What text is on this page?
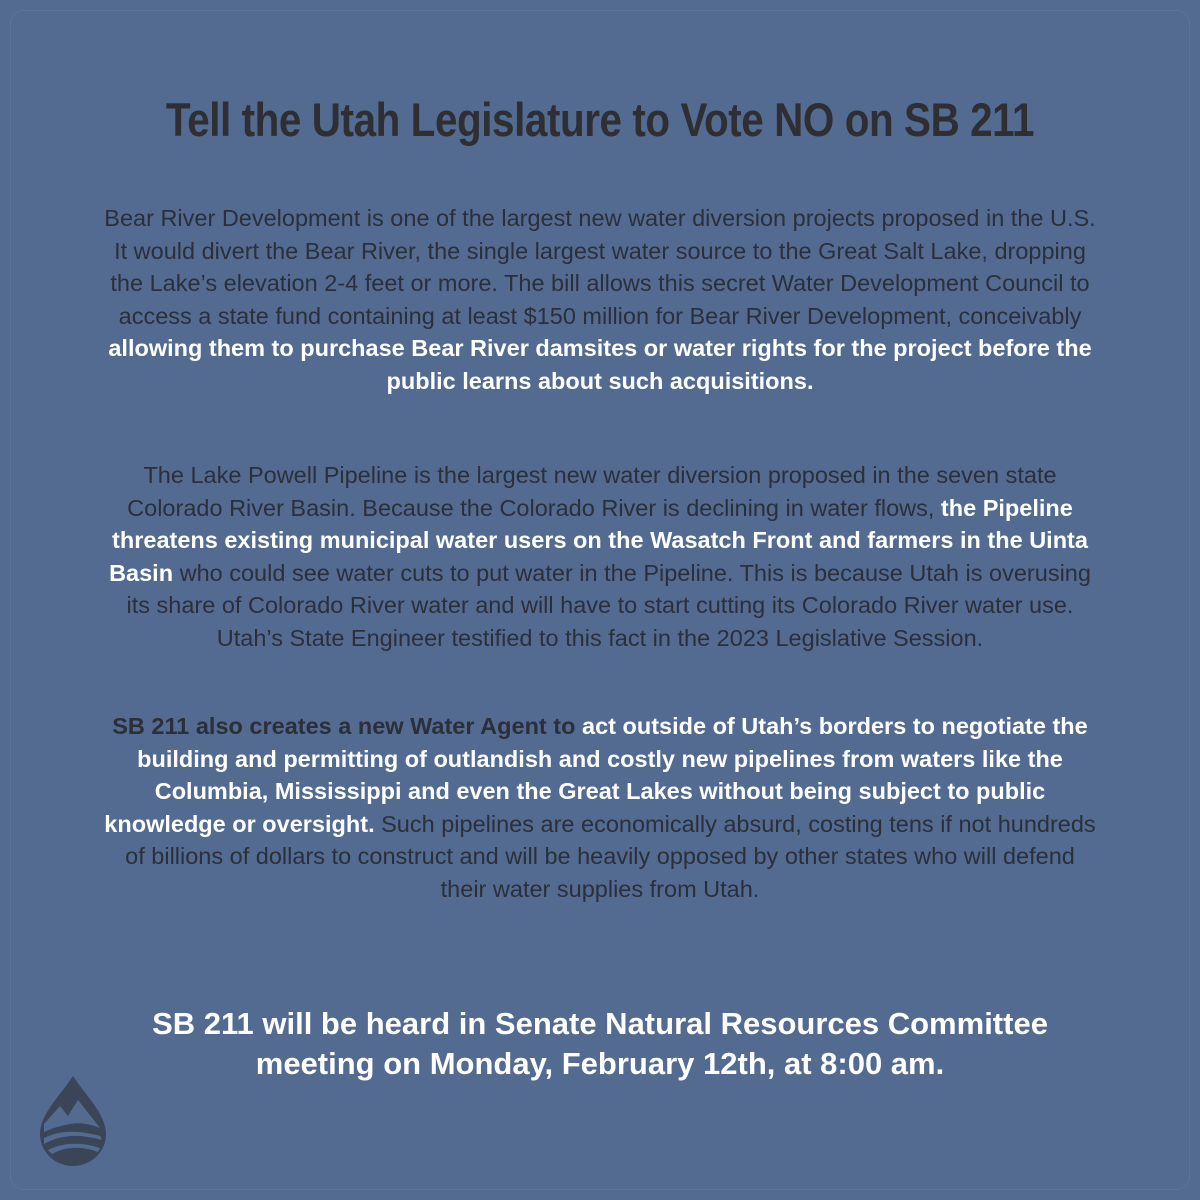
Tell the Utah Legislature to Vote NO on SB 211

Bear River Development is one of the largest new water diversion projects proposed in the U.S. It would divert the Bear River, the single largest water source to the Great Salt Lake, dropping the Lake’s elevation 2-4 feet or more. The bill allows this secret Water Development Council to access a state fund containing at least $150 million for Bear River Development, conceivably allowing them to purchase Bear River damsites or water rights for the project before the public learns about such acquisitions.

The Lake Powell Pipeline is the largest new water diversion proposed in the seven state Colorado River Basin. Because the Colorado River is declining in water flows, the Pipeline threatens existing municipal water users on the Wasatch Front and farmers in the Uinta Basin who could see water cuts to put water in the Pipeline. This is because Utah is overusing its share of Colorado River water and will have to start cutting its Colorado River water use. Utah’s State Engineer testified to this fact in the 2023 Legislative Session.

SB 211 also creates a new Water Agent to act outside of Utah’s borders to negotiate the building and permitting of outlandish and costly new pipelines from waters like the Columbia, Mississippi and even the Great Lakes without being subject to public knowledge or oversight. Such pipelines are economically absurd, costing tens if not hundreds of billions of dollars to construct and will be heavily opposed by other states who will defend their water supplies from Utah.

SB 211 will be heard in Senate Natural Resources Committee
meeting on Monday, February 12th, at 8:00 am.
